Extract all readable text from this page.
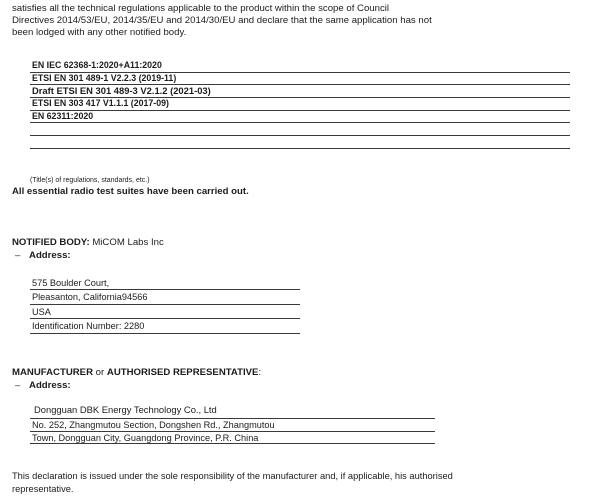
satisfies all the technical regulations applicable to the product within the scope of Council
Directives 2014/53/EU, 2014/35/EU and 2014/30/EU and declare that the same application has not
been lodged with any other notified body.
EN IEC 62368-1:2020+A11:2020
ETSI EN 301 489-1 V2.2.3 (2019-11)
Draft ETSI EN 301 489-3 V2.1.2 (2021-03)
ETSI EN 303 417 V1.1.1 (2017-09)
EN 62311:2020
(Title(s) of regulations, standards, etc.)
All essential radio test suites have been carried out.
NOTIFIED BODY: MiCOM Labs Inc
– Address:
575 Boulder Court,
Pleasanton, California94566
USA
Identification Number: 2280
MANUFACTURER or AUTHORISED REPRESENTATIVE:
– Address:
Dongguan DBK Energy Technology Co., Ltd
No. 252, Zhangmutou Section, Dongshen Rd., Zhangmutou
Town, Dongguan City, Guangdong Province, P.R. China
This declaration is issued under the sole responsibility of the manufacturer and, if applicable, his authorised
representative.
